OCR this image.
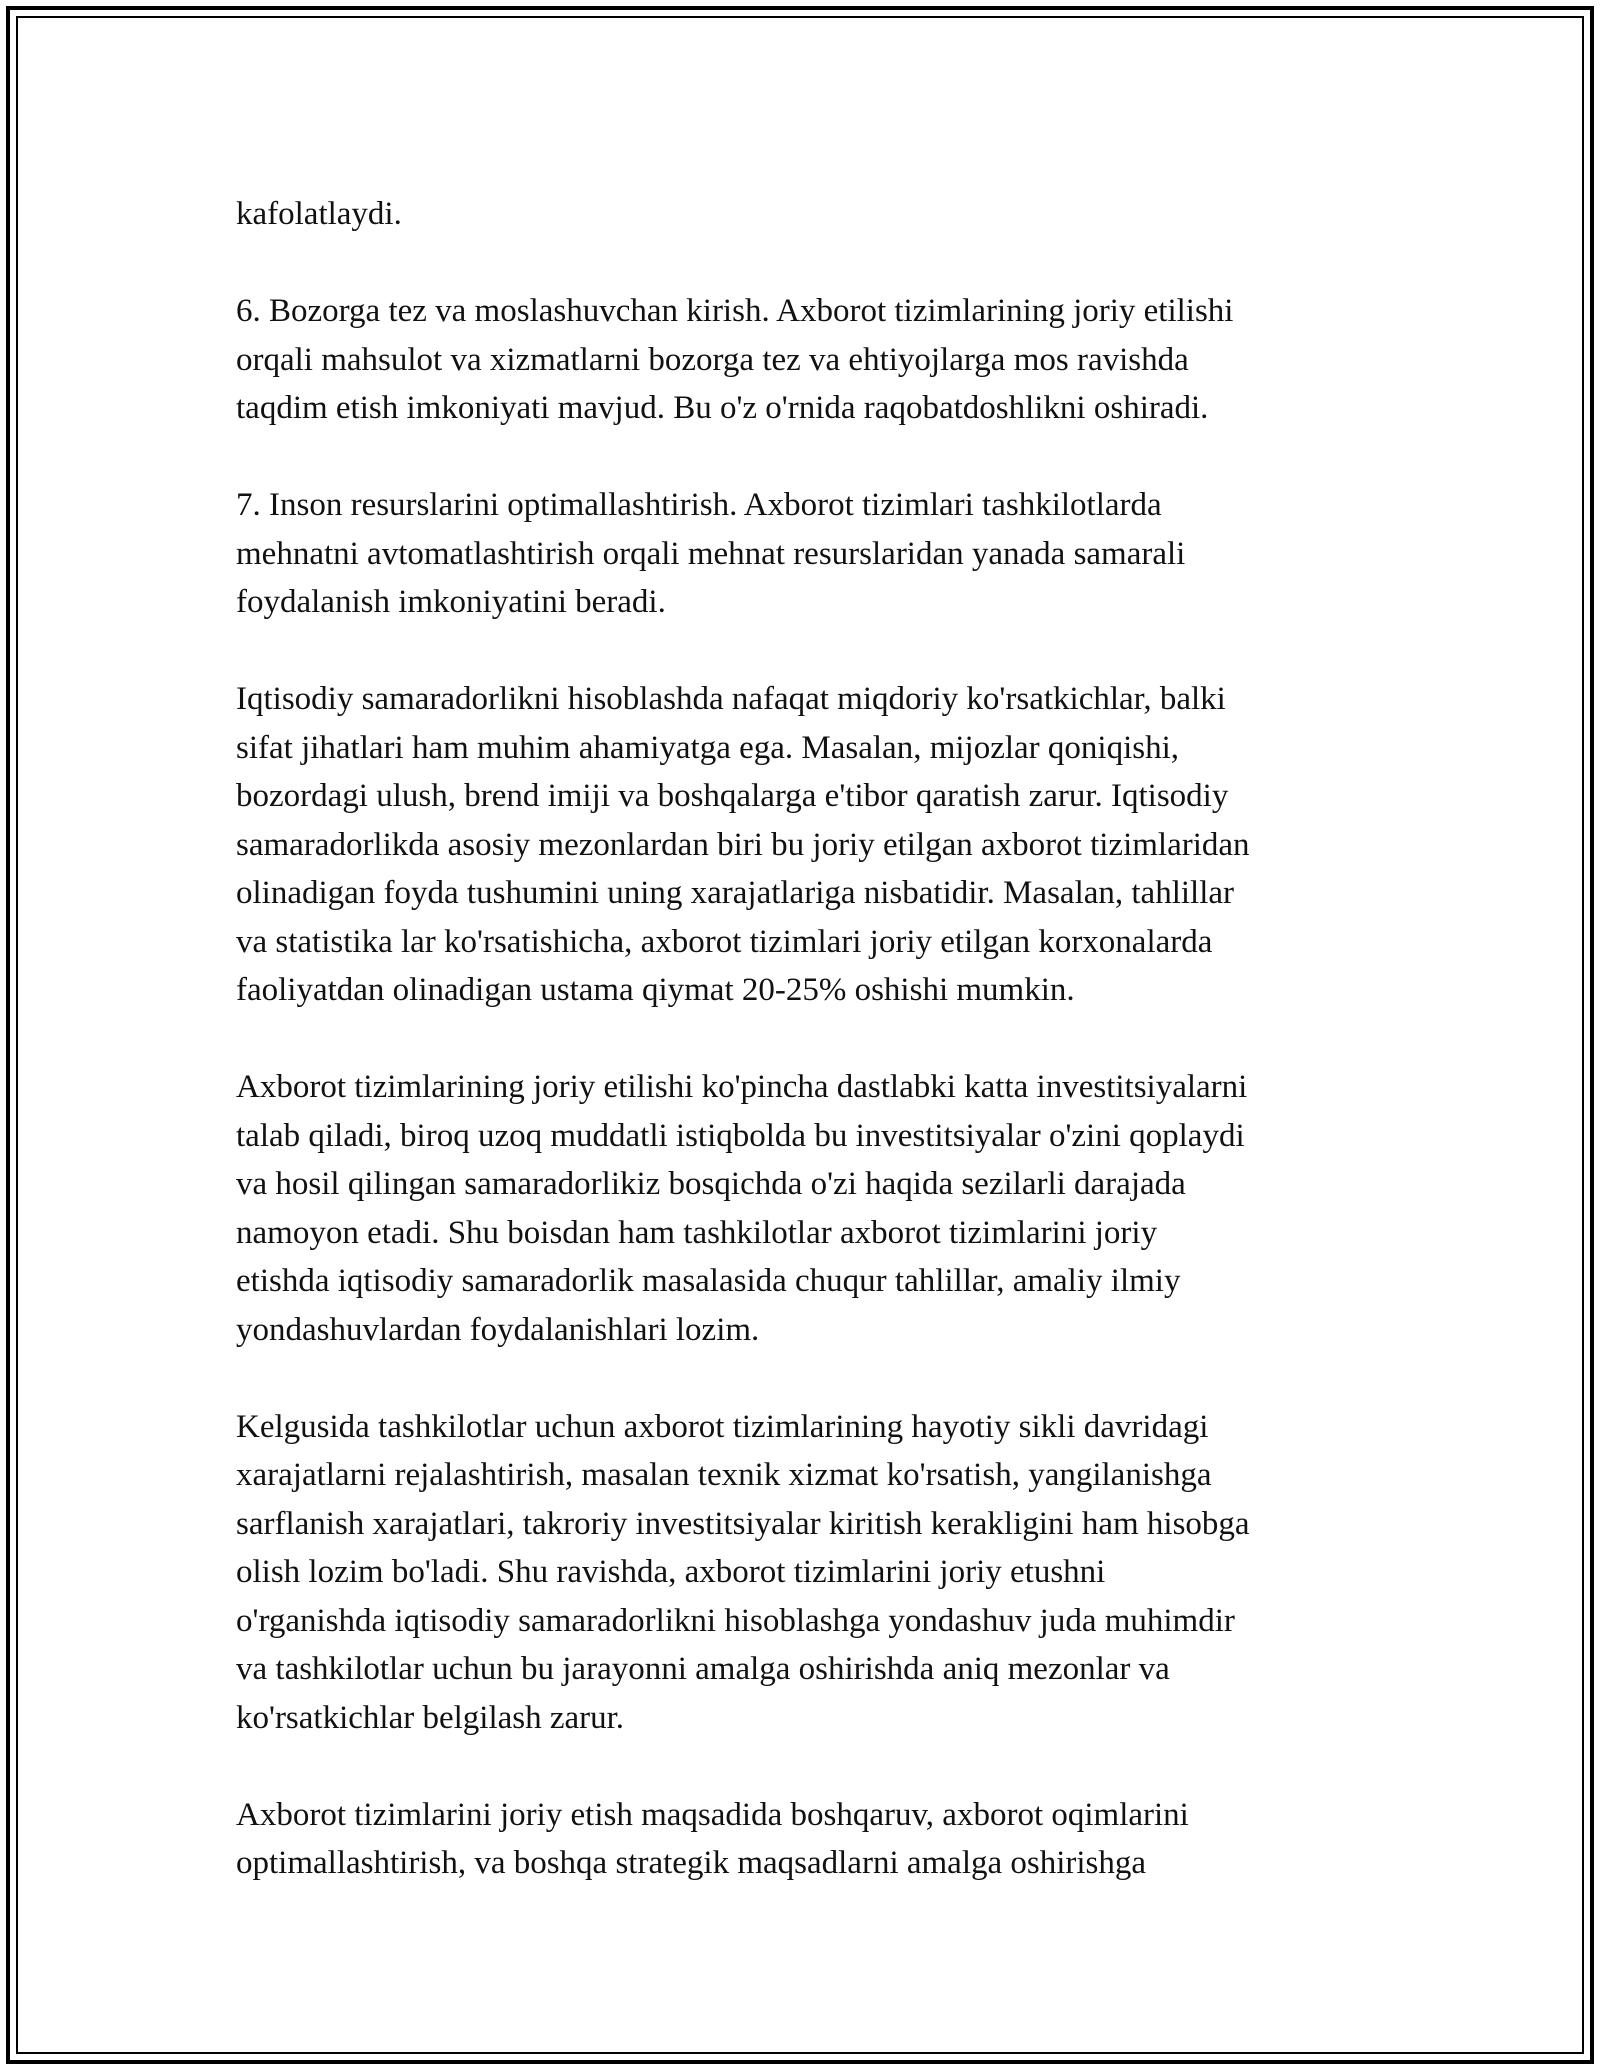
kafolatlaydi.
6. Bozorga tez va moslashuvchan kirish. Axborot tizimlarining joriy etilishi
orqali mahsulot va xizmatlarni bozorga tez va ehtiyojlarga mos ravishda
taqdim etish imkoniyati mavjud. Bu o'z o'rnida raqobatdoshlikni oshiradi.
7. Inson resurslarini optimallashtirish. Axborot tizimlari tashkilotlarda
mehnatni avtomatlashtirish orqali mehnat resurslaridan yanada samarali
foydalanish imkoniyatini beradi.
Iqtisodiy samaradorlikni hisoblashda nafaqat miqdoriy ko'rsatkichlar, balki
sifat jihatlari ham muhim ahamiyatga ega. Masalan, mijozlar qoniqishi,
bozordagi ulush, brend imiji va boshqalarga e'tibor qaratish zarur. Iqtisodiy
samaradorlikda asosiy mezonlardan biri bu joriy etilgan axborot tizimlaridan
olinadigan foyda tushumini uning xarajatlariga nisbatidir. Masalan, tahlillar
va statistika lar ko'rsatishicha, axborot tizimlari joriy etilgan korxonalarda
faoliyatdan olinadigan ustama qiymat 20-25% oshishi mumkin.
Axborot tizimlarining joriy etilishi ko'pincha dastlabki katta investitsiyalarni
talab qiladi, biroq uzoq muddatli istiqbolda bu investitsiyalar o'zini qoplaydi
va hosil qilingan samaradorlikiz bosqichda o'zi haqida sezilarli darajada
namoyon etadi. Shu boisdan ham tashkilotlar axborot tizimlarini joriy
etishda iqtisodiy samaradorlik masalasida chuqur tahlillar, amaliy ilmiy
yondashuvlardan foydalanishlari lozim.
Kelgusida tashkilotlar uchun axborot tizimlarining hayotiy sikli davridagi
xarajatlarni rejalashtirish, masalan texnik xizmat ko'rsatish, yangilanishga
sarflanish xarajatlari, takroriy investitsiyalar kiritish kerakligini ham hisobga
olish lozim bo'ladi. Shu ravishda, axborot tizimlarini joriy etushni
o'rganishda iqtisodiy samaradorlikni hisoblashga yondashuv juda muhimdir
va tashkilotlar uchun bu jarayonni amalga oshirishda aniq mezonlar va
ko'rsatkichlar belgilash zarur.
Axborot tizimlarini joriy etish maqsadida boshqaruv, axborot oqimlarini
optimallashtirish, va boshqa strategik maqsadlarni amalga oshirishga
